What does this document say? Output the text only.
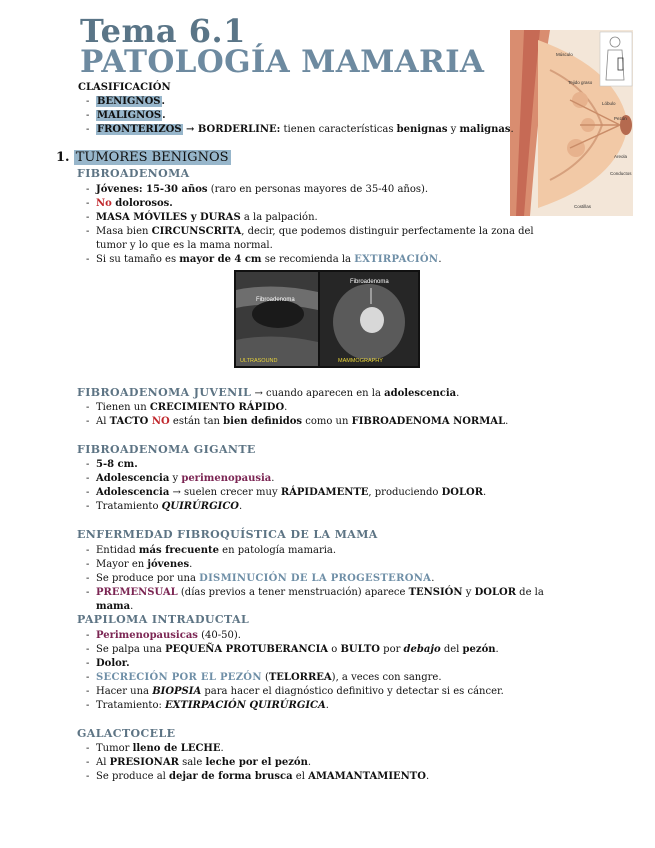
Tema 6.1
PATOLOGÍA MAMARIA	Músculo
Tejido graso
Lóbulo
Pezón
Areola
Conductos
Costillas
CLASIFICACIÓN
- BENIGNOS.
- MALIGNOS.
- FRONTERIZOS → BORDERLINE: tienen características benignas y malignas.
1. TUMORES BENIGNOS
FIBROADENOMA
- Jóvenes: 15-30 años (raro en personas mayores de 35-40 años).
- No dolorosos.
- MASA MÓVILES y DURAS a la palpación.
- Masa bien CIRCUNSCRITA, decir, que podemos distinguir perfectamente la zona del tumor y lo que es la mama normal.
- Si su tamaño es mayor de 4 cm se recomienda la EXTIRPACIÓN.
Fibroadenoma
Fibroadenoma
ULTRASOUND	MAMMOGRAPHY
FIBROADENOMA JUVENIL → cuando aparecen en la adolescencia.
- Tienen un CRECIMIENTO RÁPIDO.
- Al TACTO NO están tan bien definidos como un FIBROADENOMA NORMAL.
FIBROADENOMA GIGANTE
- 5-8 cm.
- Adolescencia y perimenopausia.
- Adolescencia → suelen crecer muy RÁPIDAMENTE, produciendo DOLOR.
- Tratamiento QUIRÚRGICO.
ENFERMEDAD FIBROQUÍSTICA DE LA MAMA
- Entidad más frecuente en patología mamaria.
- Mayor en jóvenes.
- Se produce por una DISMINUCIÓN DE LA PROGESTERONA.
- PREMENSUAL (días previos a tener menstruación) aparece TENSIÓN y DOLOR de la mama.
PAPILOMA INTRADUCTAL
- Perimenopausicas (40-50).
- Se palpa una PEQUEÑA PROTUBERANCIA o BULTO por debajo del pezón.
- Dolor.
- SECRECIÓN POR EL PEZÓN (TELORREA), a veces con sangre.
- Hacer una BIOPSIA para hacer el diagnóstico definitivo y detectar si es cáncer.
- Tratamiento: EXTIRPACIÓN QUIRÚRGICA.
GALACTOCELE
- Tumor lleno de LECHE.
- Al PRESIONAR sale leche por el pezón.
- Se produce al dejar de forma brusca el AMAMANTAMIENTO.
